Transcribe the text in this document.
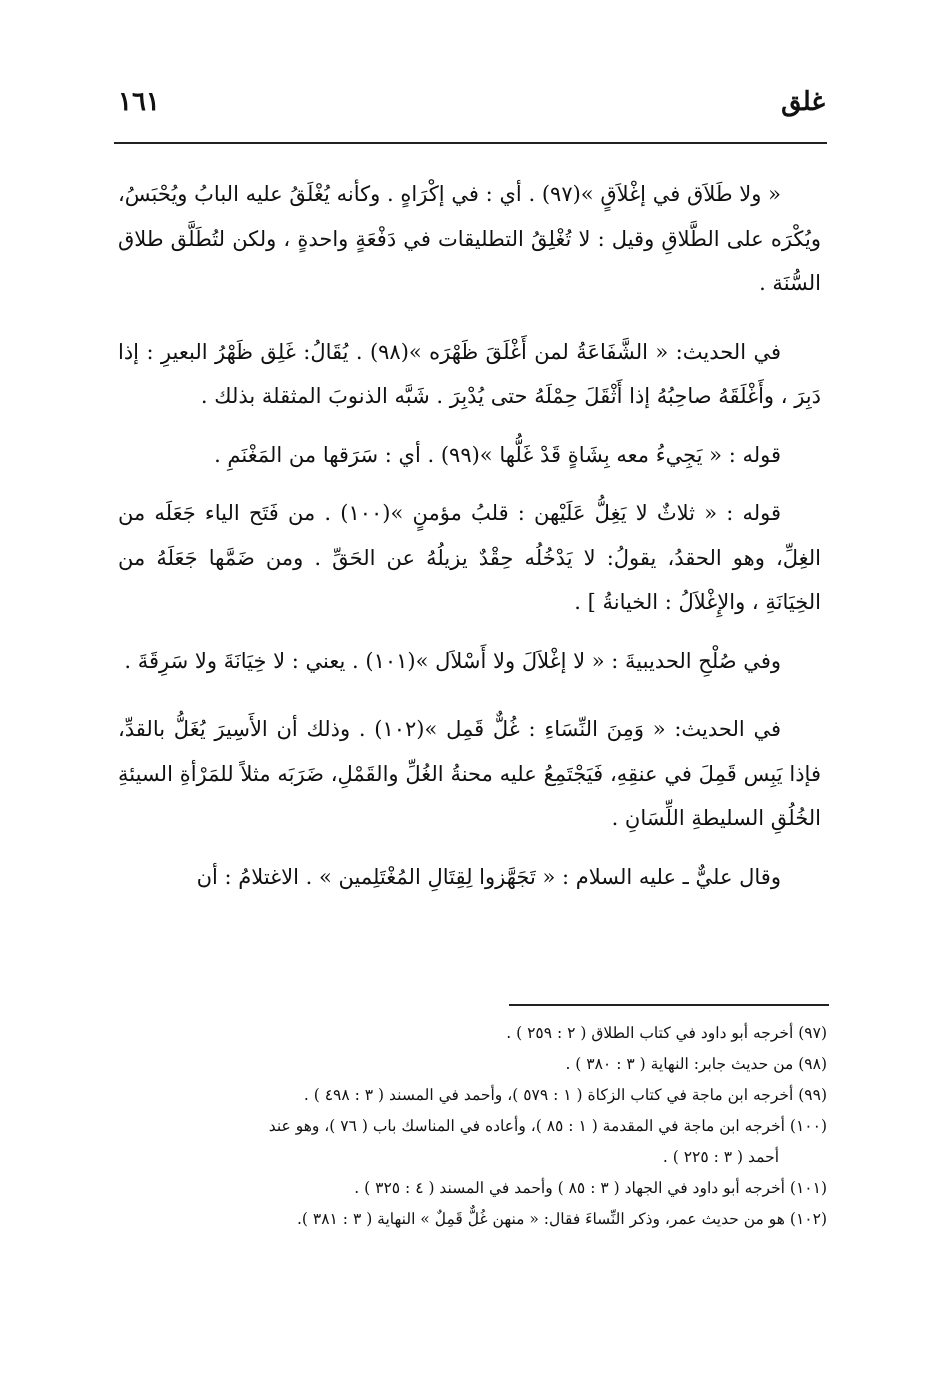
غلق
١٦١

« ولا طَلاَق في إغْلاَقٍ »(٩٧) . أي : في إكْرَاهٍ . وكأنه يُغْلَقُ عليه البابُ ويُحْبَسُ، ويُكْرَه على الطَّلاقِ وقيل : لا تُغْلِقُ التطليقات في دَفْعَةٍ واحدةٍ ، ولكن لتُطَلَّق طلاق السُّنَة .

في الحديث: « الشَّفَاعَةُ لمن أَغْلَقَ ظَهْرَه »(٩٨) . يُقَالُ: غَلِق ظَهْرُ البعيرِ : إذا دَبِرَ ، وأَغْلَقَهُ صاحِبُهُ إذا أَثْقَلَ حِمْلَهُ حتى يُدْبِرَ . شَبَّه الذنوبَ المثقلة بذلك .

قوله : « يَجِيءُ معه بِشَاةٍ قَدْ غَلُّها »(٩٩) . أي : سَرَقها من المَغْنَمِ .

قوله : « ثلاثٌ لا يَغِلُّ عَلَيْهن : قلبُ مؤمنٍ »(١٠٠) . من فَتَح الياء جَعَلَه من الغِلِّ، وهو الحقدُ، يقولُ: لا يَدْخُلُه حِقْدٌ يزيلُهُ عن الحَقِّ . ومن ضَمَّها جَعَلَهُ من الخِيَانَةِ ، والإِغْلاَلُ : الخيانةُ ] .

وفي صُلْحِ الحديبيةَ : « لا إغْلاَلَ ولا أَسْلاَل »(١٠١) . يعني : لا خِيَانَةَ ولا سَرِقَةَ .

في الحديث: « وَمِنَ النِّسَاءِ : غُلٌّ قَمِل »(١٠٢) . وذلك أن الأَسِيرَ يُغَلُّ بالقدِّ، فإذا يَبِس قَمِلَ في عنقِهِ، فَيَجْتَمِعُ عليه محنةُ الغُلِّ والقَمْلِ، ضَرَبَه مثلاً للمَرْأةِ السيئةِ الخُلُقِ السليطةِ اللِّسَانِ .

وقال عليٌّ ـ عليه السلام : « تَجَهَّزوا لِقِتَالِ المُغْتَلِمين » . الاغتلامُ : أن

(٩٧) أخرجه أبو داود في كتاب الطلاق ( ٢ : ٢٥٩ ) .

(٩٨) من حديث جابر: النهاية ( ٣ : ٣٨٠ ) .

(٩٩) أخرجه ابن ماجة في كتاب الزكاة ( ١ : ٥٧٩ )، وأحمد في المسند ( ٣ : ٤٩٨ ) .

(١٠٠) أخرجه ابن ماجة في المقدمة ( ١ : ٨٥ )، وأعاده في المناسك باب ( ٧٦ )، وهو عند
أحمد ( ٣ : ٢٢٥ ) .

(١٠١) أخرجه أبو داود في الجهاد ( ٣ : ٨٥ ) وأحمد في المسند ( ٤ : ٣٢٥ ) .

(١٠٢) هو من حديث عمر، وذكر النِّساءَ فقال: « منهن غُلٌّ قَمِلٌ » النهاية ( ٣ : ٣٨١ ).
